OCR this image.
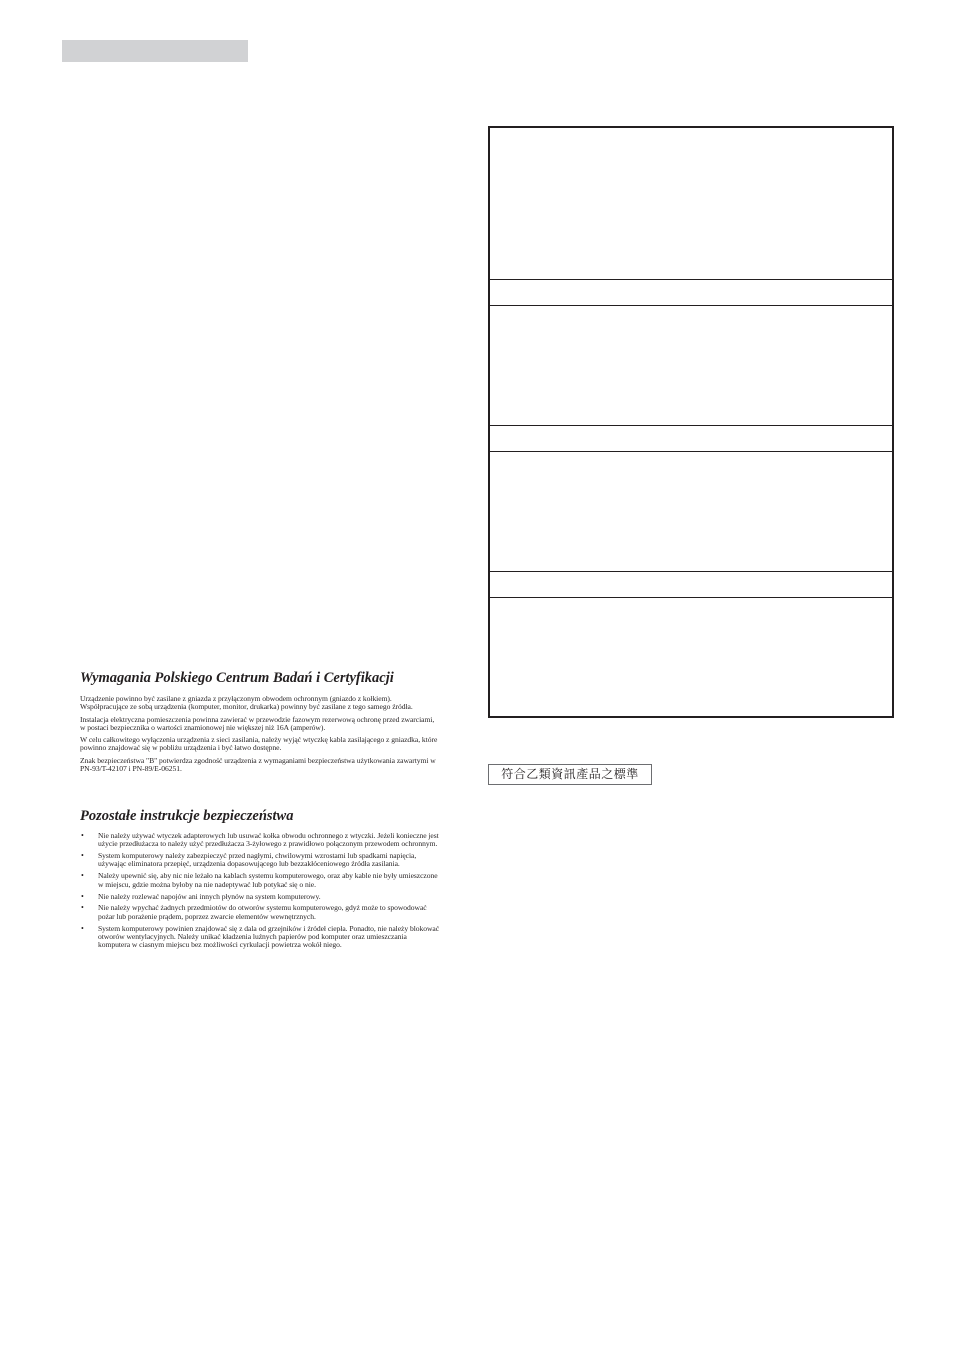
Wymagania Polskiego Centrum Badań i Certyfikacji

Urządzenie powinno być zasilane z gniazda z przyłączonym obwodem ochronnym (gniazdo z kołkiem). Współpracujące ze sobą urządzenia (komputer, monitor, drukarka) powinny być zasilane z tego samego źródła.

Instalacja elektryczna pomieszczenia powinna zawierać w przewodzie fazowym rezerwową ochronę przed zwarciami, w postaci bezpiecznika o wartości znamionowej nie większej niż 16A (amperów).

W celu całkowitego wyłączenia urządzenia z sieci zasilania, należy wyjąć wtyczkę kabla zasilającego z gniazdka, które powinno znajdować się w pobliżu urządzenia i być łatwo dostępne.

Znak bezpieczeństwa "B" potwierdza zgodność urządzenia z wymaganiami bezpieczeństwa użytkowania zawartymi w PN-93/T-42107 i PN-89/E-06251.

Pozostałe instrukcje bezpieczeństwa
• Nie należy używać wtyczek adapterowych lub usuwać kołka obwodu ochronnego z wtyczki. Jeżeli konieczne jest użycie przedłużacza to należy użyć przedłużacza 3-żyłowego z prawidłowo połączonym przewodem ochronnym.
• System komputerowy należy zabezpieczyć przed nagłymi, chwilowymi wzrostami lub spadkami napięcia, używając eliminatora przepięć, urządzenia dopasowującego lub bezzakłóceniowego źródła zasilania.
• Należy upewnić się, aby nic nie leżało na kablach systemu komputerowego, oraz aby kable nie były umieszczone w miejscu, gdzie można byłoby na nie nadeptywać lub potykać się o nie.
• Nie należy rozlewać napojów ani innych płynów na system komputerowy.
• Nie należy wpychać żadnych przedmiotów do otworów systemu komputerowego, gdyż może to spowodować pożar lub porażenie prądem, poprzez zwarcie elementów wewnętrznych.
• System komputerowy powinien znajdować się z dala od grzejników i źródeł ciepła. Ponadto, nie należy blokować otworów wentylacyjnych. Należy unikać kładzenia luźnych papierów pod komputer oraz umieszczania komputera w ciasnym miejscu bez możliwości cyrkulacji powietrza wokół niego.
符合乙類資訊產品之標準
